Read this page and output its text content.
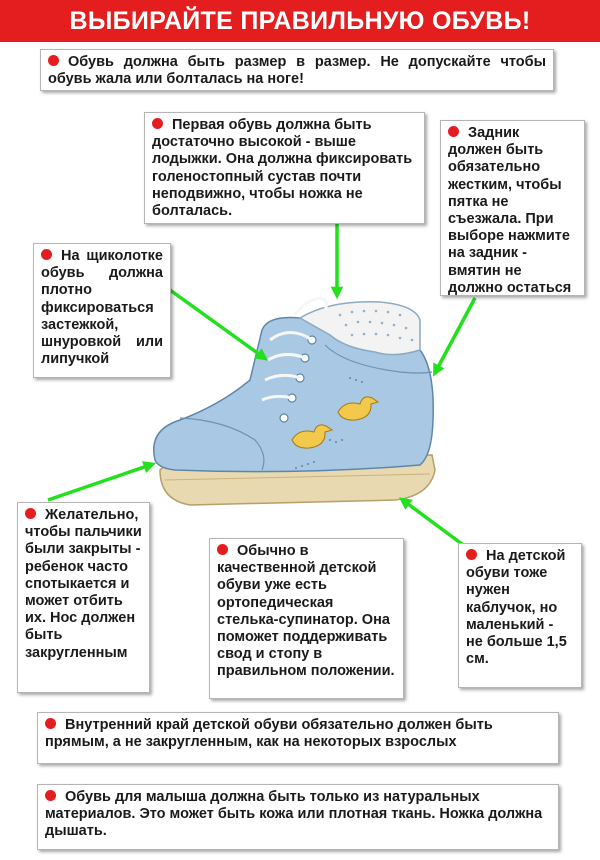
ВЫБИРАЙТЕ ПРАВИЛЬНУЮ ОБУВЬ!

Обувь должна быть размер в размер. Не допускайте чтобы обувь жала или болталась на ноге!

Первая обувь должна быть достаточно высокой - выше лодыжки. Она должна фиксировать голеностопный сустав почти неподвижно, чтобы ножка не болталась.

Задник должен быть обязательно жестким, чтобы пятка не съезжала. При выборе нажмите на задник - вмятин не должно остаться

На щиколотке обувь должна плотно фиксироваться застежкой, шнуровкой или липучкой

Желательно, чтобы пальчики были закрыты - ребенок часто спотыкается и может отбить их. Нос должен быть закругленным

Обычно в качественной детской обуви уже есть ортопедическая стелька-супинатор. Она поможет поддерживать свод и стопу в правильном положении.

На детской обуви тоже нужен каблучок, но маленький - не больше 1,5 см.

Внутренний край детской обуви обязательно должен быть прямым, а не закругленным, как на некоторых взрослых

Обувь для малыша должна быть только из натуральных материалов. Это может быть кожа или плотная ткань. Ножка должна дышать.
